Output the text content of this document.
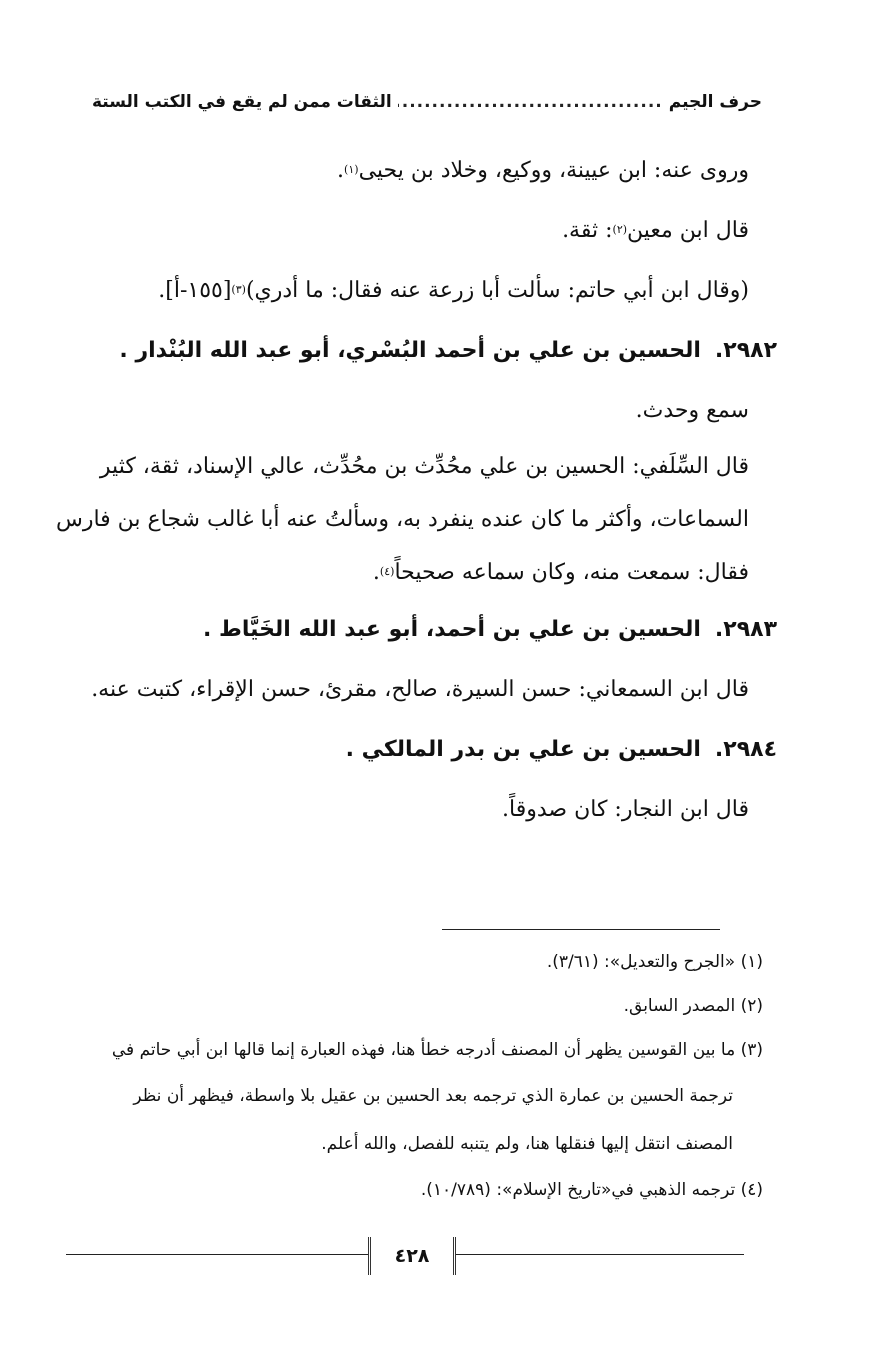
حرف الجيم
.....
الثقات ممن لم يقع في الكتب الستة

وروى عنه: ابن عيينة، ووكيع، وخلاد بن يحيى
(١)
.

قال ابن معين
(٢)
: ثقة.

(وقال ابن أبي حاتم: سألت أبا زرعة عنه فقال: ما أدري)
(٣)
[١٥٥-أ].

٢٩٨٢.
الحسين بن علي بن أحمد البُسْري، أبو عبد الله البُنْدار .

سمع وحدث.

قال السِّلَفي: الحسين بن علي محُدِّث بن محُدِّث، عالي الإسناد، ثقة، كثير

السماعات، وأكثر ما كان عنده ينفرد به، وسألتُ عنه أبا غالب شجاع بن فارس

فقال: سمعت منه، وكان سماعه صحيحاً
(٤)
.

٢٩٨٣.
الحسين بن علي بن أحمد، أبو عبد الله الخَيَّاط .

قال ابن السمعاني: حسن السيرة، صالح، مقرئ، حسن الإقراء، كتبت عنه.

٢٩٨٤.
الحسين بن علي بن بدر المالكي .

قال ابن النجار: كان صدوقاً.

(١) «الجرح والتعديل»: (٣/٦١).

(٢) المصدر السابق.

(٣) ما بين القوسين يظهر أن المصنف أدرجه خطأ هنا، فهذه العبارة إنما قالها ابن أبي حاتم في

ترجمة الحسين بن عمارة الذي ترجمه بعد الحسين بن عقيل بلا واسطة، فيظهر أن نظر

المصنف انتقل إليها فنقلها هنا، ولم يتنبه للفصل، والله أعلم.

(٤) ترجمه الذهبي في«تاريخ الإسلام»: (١٠/٧٨٩).

٤٢٨
